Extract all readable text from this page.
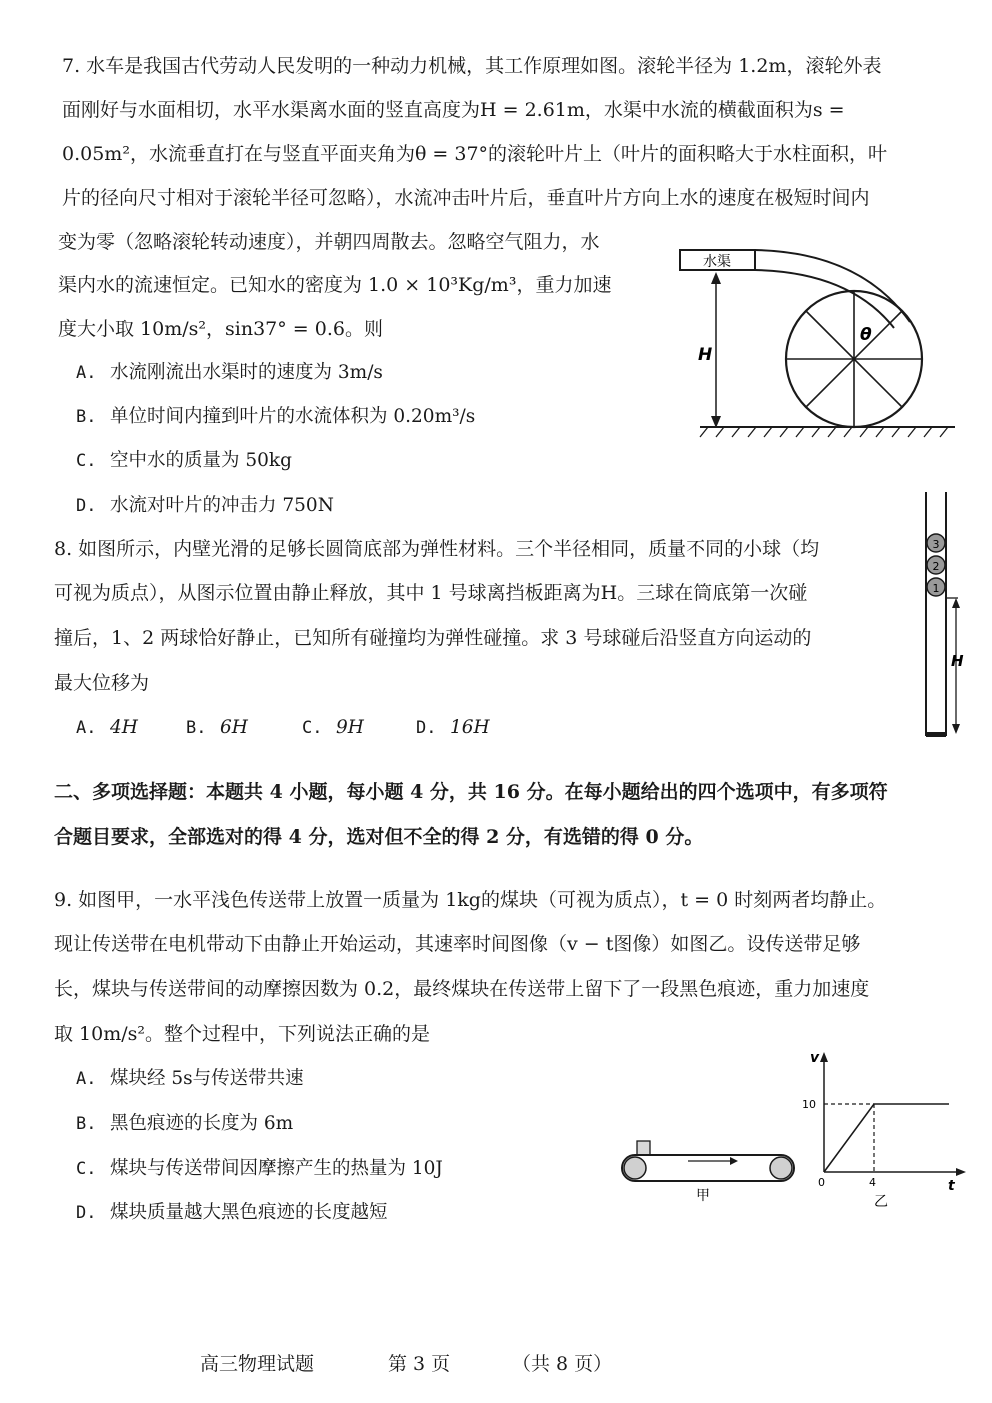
7. 水车是我国古代劳动人民发明的一种动力机械，其工作原理如图。滚轮半径为 1.2m，滚轮外表
面刚好与水面相切，水平水渠离水面的竖直高度为H = 2.61m，水渠中水流的横截面积为s =
0.05m²，水流垂直打在与竖直平面夹角为θ = 37°的滚轮叶片上（叶片的面积略大于水柱面积，叶
片的径向尺寸相对于滚轮半径可忽略），水流冲击叶片后，垂直叶片方向上水的速度在极短时间内
变为零（忽略滚轮转动速度），并朝四周散去。忽略空气阻力，水
渠内水的流速恒定。已知水的密度为 1.0 × 10³Kg/m³，重力加速
度大小取 10m/s²，sin37° = 0.6。则
A. 水流刚流出水渠时的速度为 3m/s
B. 单位时间内撞到叶片的水流体积为 0.20m³/s
C. 空中水的质量为 50kg
D. 水流对叶片的冲击力 750N
水渠
H
θ
8. 如图所示，内壁光滑的足够长圆筒底部为弹性材料。三个半径相同，质量不同的小球（均
可视为质点），从图示位置由静止释放，其中 1 号球离挡板距离为H。三球在筒底第一次碰
撞后，1、2 两球恰好静止，已知所有碰撞均为弹性碰撞。求 3 号球碰后沿竖直方向运动的
最大位移为
A. 4H	B. 6H	C. 9H	D. 16H
3
2
1
H
二、多项选择题：本题共 4 小题，每小题 4 分，共 16 分。在每小题给出的四个选项中，有多项符
合题目要求，全部选对的得 4 分，选对但不全的得 2 分，有选错的得 0 分。
9. 如图甲，一水平浅色传送带上放置一质量为 1kg的煤块（可视为质点），t = 0 时刻两者均静止。
现让传送带在电机带动下由静止开始运动，其速率时间图像（v − t图像）如图乙。设传送带足够
长，煤块与传送带间的动摩擦因数为 0.2，最终煤块在传送带上留下了一段黑色痕迹，重力加速度
取 10m/s²。整个过程中，下列说法正确的是
A. 煤块经 5s与传送带共速
B. 黑色痕迹的长度为 6m
C. 煤块与传送带间因摩擦产生的热量为 10J
D. 煤块质量越大黑色痕迹的长度越短
甲
v
t
0
10
4
乙
高三物理试题	第 3 页	（共 8 页）
